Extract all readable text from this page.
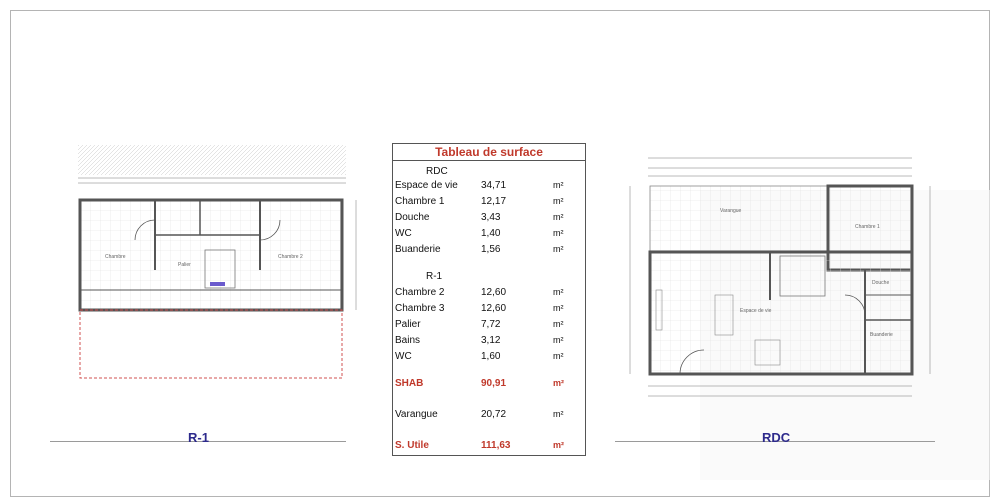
Chambre	Chambre 2
Palier
R-1
Tableau de surface
RDC
Espace de vie 34,71	m²
Chambre 1	12,17	m²
Douche	3,43	m²
WC	1,40	m²
Buanderie	1,56	m²
R-1
Chambre 2	12,60	m²
Chambre 3	12,60	m²
Palier	7,72	m²
Bains	3,12	m²
WC	1,60	m²
SHAB	90,91	m²
Varangue	20,72	m²
S. Utile	111,63	m²
Varangue
Chambre 1
Espace de vie
Douche
Buanderie
RDC
